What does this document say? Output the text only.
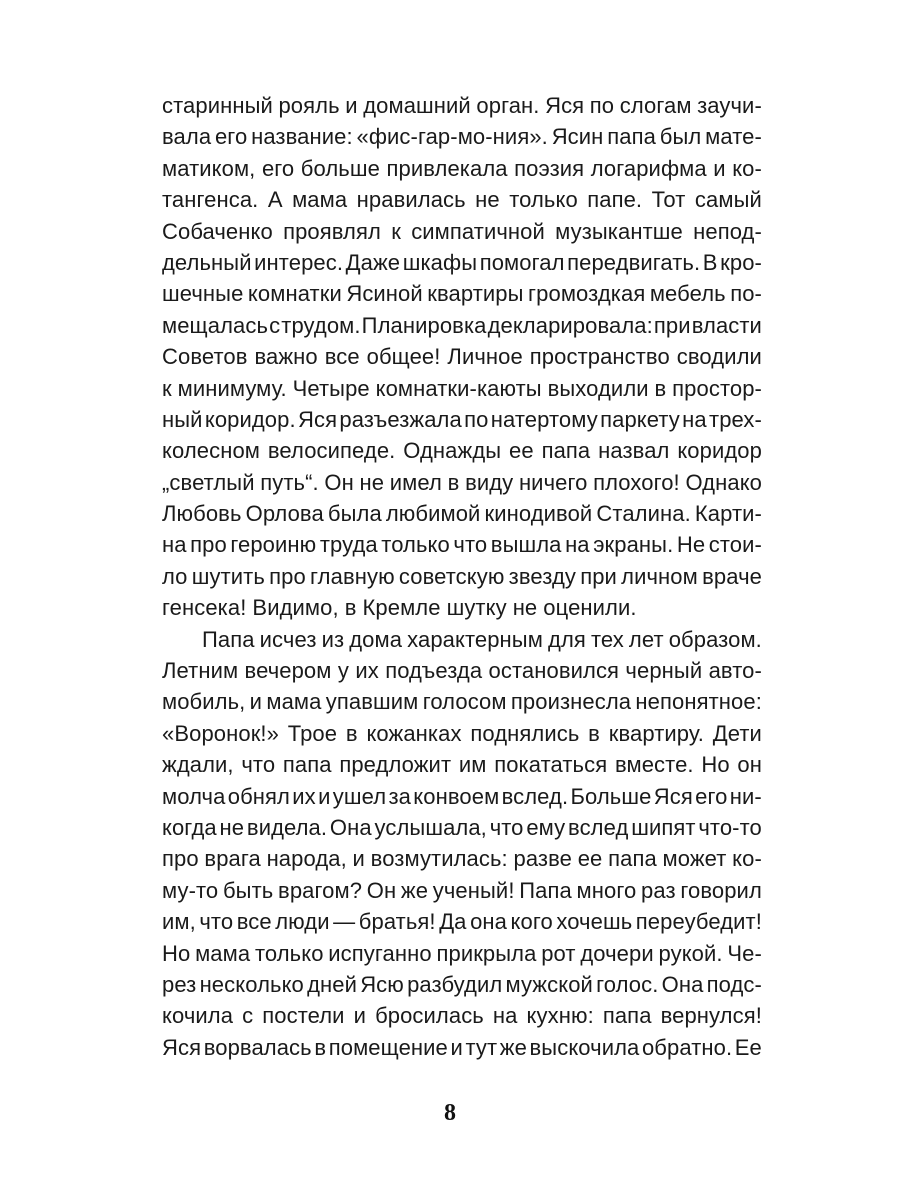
старинный рояль и домашний орган. Яся по слогам заучи-
вала его название: «фис-гар-мо-ния». Ясин папа был мате-
матиком, его больше привлекала поэзия логарифма и ко-
тангенса. А мама нравилась не только папе. Тот самый
Собаченко проявлял к симпатичной музыкантше непод-
дельный интерес. Даже шкафы помогал передвигать. В кро-
шечные комнатки Ясиной квартиры громоздкая мебель по-
мещалась с трудом. Планировка декларировала: при власти
Советов важно все общее! Личное пространство сводили
к минимуму. Четыре комнатки-каюты выходили в простор-
ный коридор. Яся разъезжала по натертому паркету на трех-
колесном велосипеде. Однажды ее папа назвал коридор
„светлый путь“. Он не имел в виду ничего плохого! Однако
Любовь Орлова была любимой кинодивой Сталина. Карти-
на про героиню труда только что вышла на экраны. Не стои-
ло шутить про главную советскую звезду при личном враче
генсека! Видимо, в Кремле шутку не оценили.
Папа исчез из дома характерным для тех лет образом.
Летним вечером у их подъезда остановился черный авто-
мобиль, и мама упавшим голосом произнесла непонятное:
«Воронок!» Трое в кожанках поднялись в квартиру. Дети
ждали, что папа предложит им покататься вместе. Но он
молча обнял их и ушел за конвоем вслед. Больше Яся его ни-
когда не видела. Она услышала, что ему вслед шипят что-то
про врага народа, и возмутилась: разве ее папа может ко-
му-то быть врагом? Он же ученый! Папа много раз говорил
им, что все люди — братья! Да она кого хочешь переубедит!
Но мама только испуганно прикрыла рот дочери рукой. Че-
рез несколько дней Ясю разбудил мужской голос. Она подс-
кочила с постели и бросилась на кухню: папа вернулся!
Яся ворвалась в помещение и тут же выскочила обратно. Ее
8
